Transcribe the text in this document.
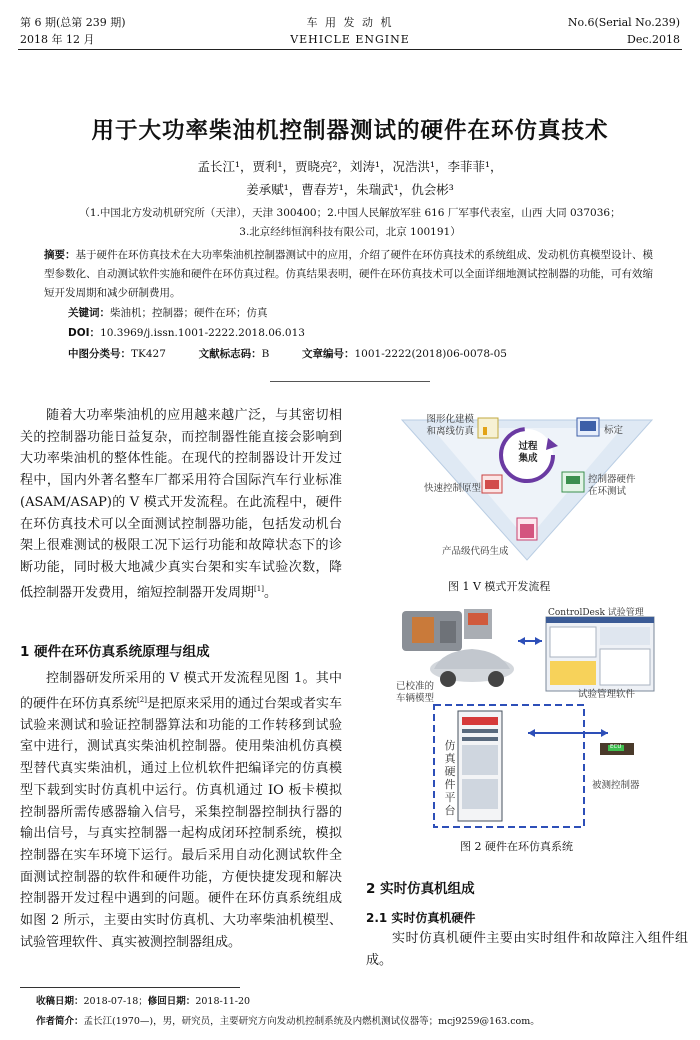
第 6 期(总第 239 期)
2018 年 12 月
车 用 发 动 机
VEHICLE ENGINE
No.6(Serial No.239)
Dec.2018
用于大功率柴油机控制器测试的硬件在环仿真技术
孟长江¹，贾利¹，贾晓亮²，刘涛¹，况浩洪¹，李菲菲¹，
姜承赋¹，曹春芳¹，朱瑞武¹，仇会彬³
（1.中国北方发动机研究所（天津），天津 300400；2.中国人民解放军驻 616 厂军事代表室，山西 大同 037036；
3.北京经纬恒润科技有限公司，北京 100191）
摘要：基于硬件在环仿真技术在大功率柴油机控制器测试中的应用，介绍了硬件在环仿真技术的系统组成、发动机仿真模型设计、模型参数化、自动测试软件实施和硬件在环仿真过程。仿真结果表明，硬件在环仿真技术可以全面详细地测试控制器的功能，可有效缩短开发周期和减少研制费用。
关键词：柴油机；控制器；硬件在环；仿真
DOI：10.3969/j.issn.1001-2222.2018.06.013
中图分类号：TK427	文献标志码：B	文章编号：1001-2222(2018)06-0078-05

随着大功率柴油机的应用越来越广泛，与其密切相关的控制器功能日益复杂，而控制器性能直接会影响到大功率柴油机的整体性能。在现代的控制器设计开发过程中，国内外著名整车厂都采用符合国际汽车行业标准(ASAM/ASAP)的 V 模式开发流程。在此流程中，硬件在环仿真技术可以全面测试控制器功能，包括发动机台架上很难测试的极限工况下运行功能和故障状态下的诊断功能，同时极大地减少真实台架和实车试验次数，降低控制器开发费用，缩短控制器开发周期[1]。

1 硬件在环仿真系统原理与组成

控制器研发所采用的 V 模式开发流程见图 1。其中的硬件在环仿真系统[2]是把原来采用的通过台架或者实车试验来测试和验证控制器算法和功能的工作转移到试验室中进行，测试真实柴油机控制器。使用柴油机仿真模型替代真实柴油机，通过上位机软件把编译完的仿真模型下载到实时仿真机中运行。仿真机通过 IO 板卡模拟控制器所需传感器输入信号，采集控制器控制执行器的输出信号，与真实控制器一起构成闭环控制系统，模拟控制器在实车环境下运行。最后采用自动化测试软件全面测试控制器的软件和硬件功能，方便快捷发现和解决控制器开发过程中遇到的问题。硬件在环仿真系统组成如图 2 所示，主要由实时仿真机、大功率柴油机模型、试验管理软件、真实被测控制器组成。

图形化建模
和离线仿真	标定
快速控制原型
控制器硬件
在环测试
产品级代码生成
过程
集成
图 1 V 模式开发流程
ControlDesk 试验管理
已校准的
车辆模型	试验管理软件
仿真硬件平台
ECU
被测控制器
图 2 硬件在环仿真系统
2 实时仿真机组成
2.1 实时仿真机硬件

实时仿真机硬件主要由实时组件和故障注入组件组成。

收稿日期：2018-07-18；修回日期：2018-11-20
作者简介：孟长江(1970—)，男，研究员，主要研究方向发动机控制系统及内燃机测试仪器等；mcj9259@163.com。
